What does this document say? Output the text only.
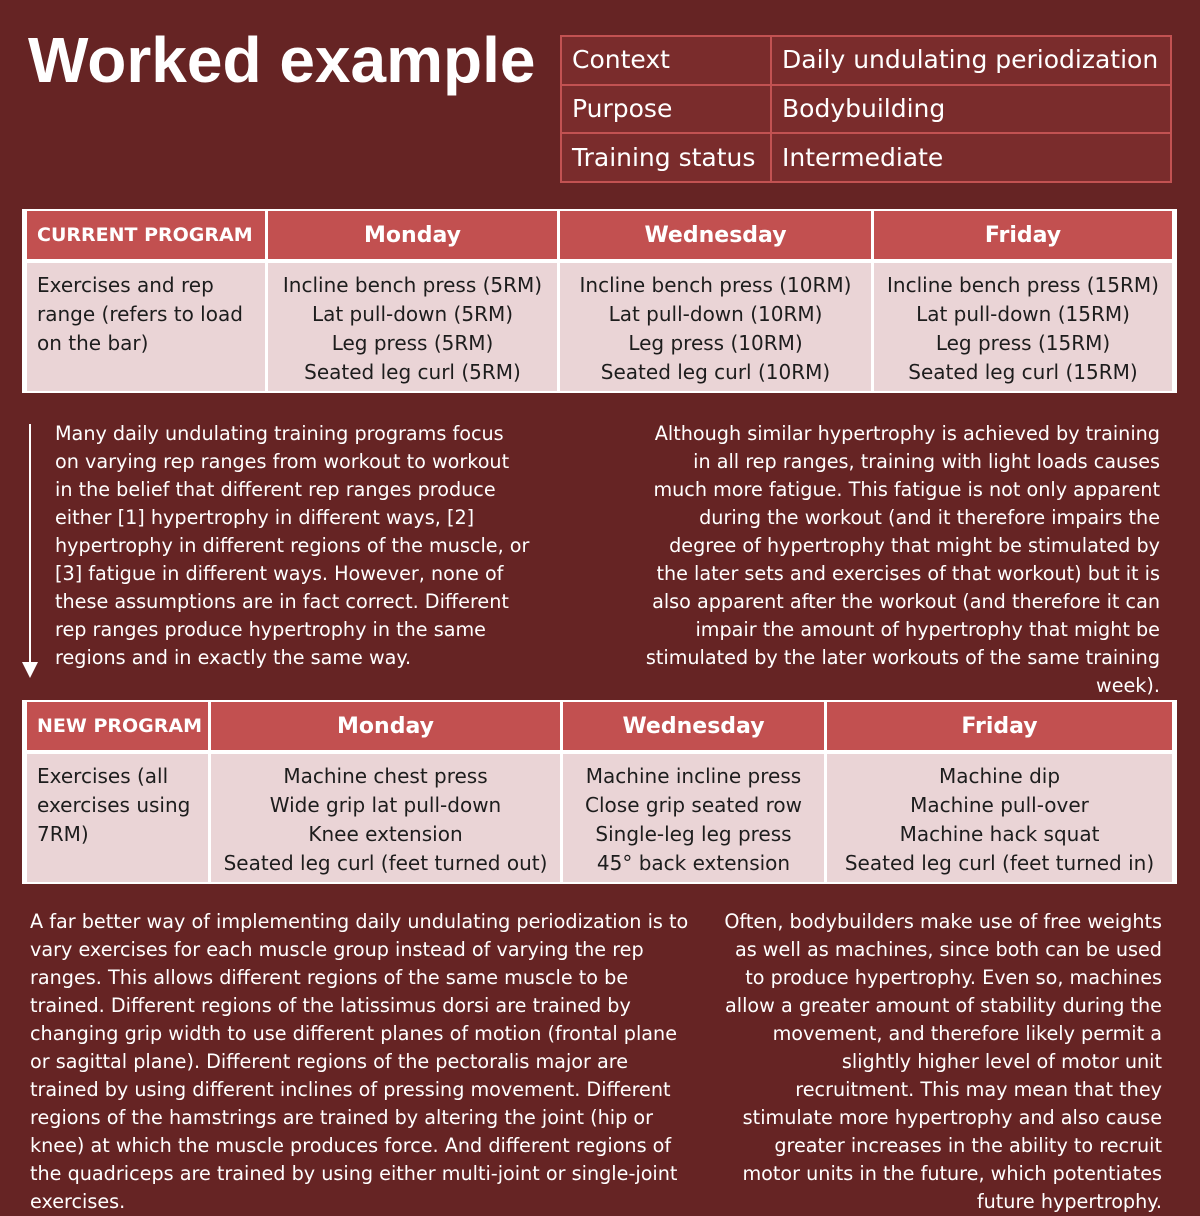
Worked example Context	Daily undulating periodization
Purpose	Bodybuilding
Training status	Intermediate
CURRENT PROGRAM	Monday	Wednesday	Friday
Exercises and rep range (refers to load on the bar)	Incline bench press (5RM)
Lat pull-down (5RM)
Leg press (5RM)
Seated leg curl (5RM)	Incline bench press (10RM)
Lat pull-down (10RM)
Leg press (10RM)
Seated leg curl (10RM)	Incline bench press (15RM)
Lat pull-down (15RM)
Leg press (15RM)
Seated leg curl (15RM)

Many daily undulating training programs focus on varying rep ranges from workout to workout in the belief that different rep ranges produce either [1] hypertrophy in different ways, [2] hypertrophy in different regions of the muscle, or [3] fatigue in different ways. However, none of these assumptions are in fact correct. Different rep ranges produce hypertrophy in the same regions and in exactly the same way.

Although similar hypertrophy is achieved by training in all rep ranges, training with light loads causes much more fatigue. This fatigue is not only apparent during the workout (and it therefore impairs the degree of hypertrophy that might be stimulated by the later sets and exercises of that workout) but it is also apparent after the workout (and therefore it can impair the amount of hypertrophy that might be stimulated by the later workouts of the same training week).

NEW PROGRAM	Monday	Wednesday	Friday
Exercises (all exercises using 7RM)	Machine chest press
Wide grip lat pull-down
Knee extension
Seated leg curl (feet turned out)	Machine incline press
Close grip seated row
Single-leg leg press
45° back extension	Machine dip
Machine pull-over
Machine hack squat
Seated leg curl (feet turned in)

A far better way of implementing daily undulating periodization is to vary exercises for each muscle group instead of varying the rep ranges. This allows different regions of the same muscle to be trained. Different regions of the latissimus dorsi are trained by changing grip width to use different planes of motion (frontal plane or sagittal plane). Different regions of the pectoralis major are trained by using different inclines of pressing movement. Different regions of the hamstrings are trained by altering the joint (hip or knee) at which the muscle produces force. And different regions of the quadriceps are trained by using either multi-joint or single-joint exercises.

Often, bodybuilders make use of free weights as well as machines, since both can be used to produce hypertrophy. Even so, machines allow a greater amount of stability during the movement, and therefore likely permit a slightly higher level of motor unit recruitment. This may mean that they stimulate more hypertrophy and also cause greater increases in the ability to recruit motor units in the future, which potentiates future hypertrophy.
